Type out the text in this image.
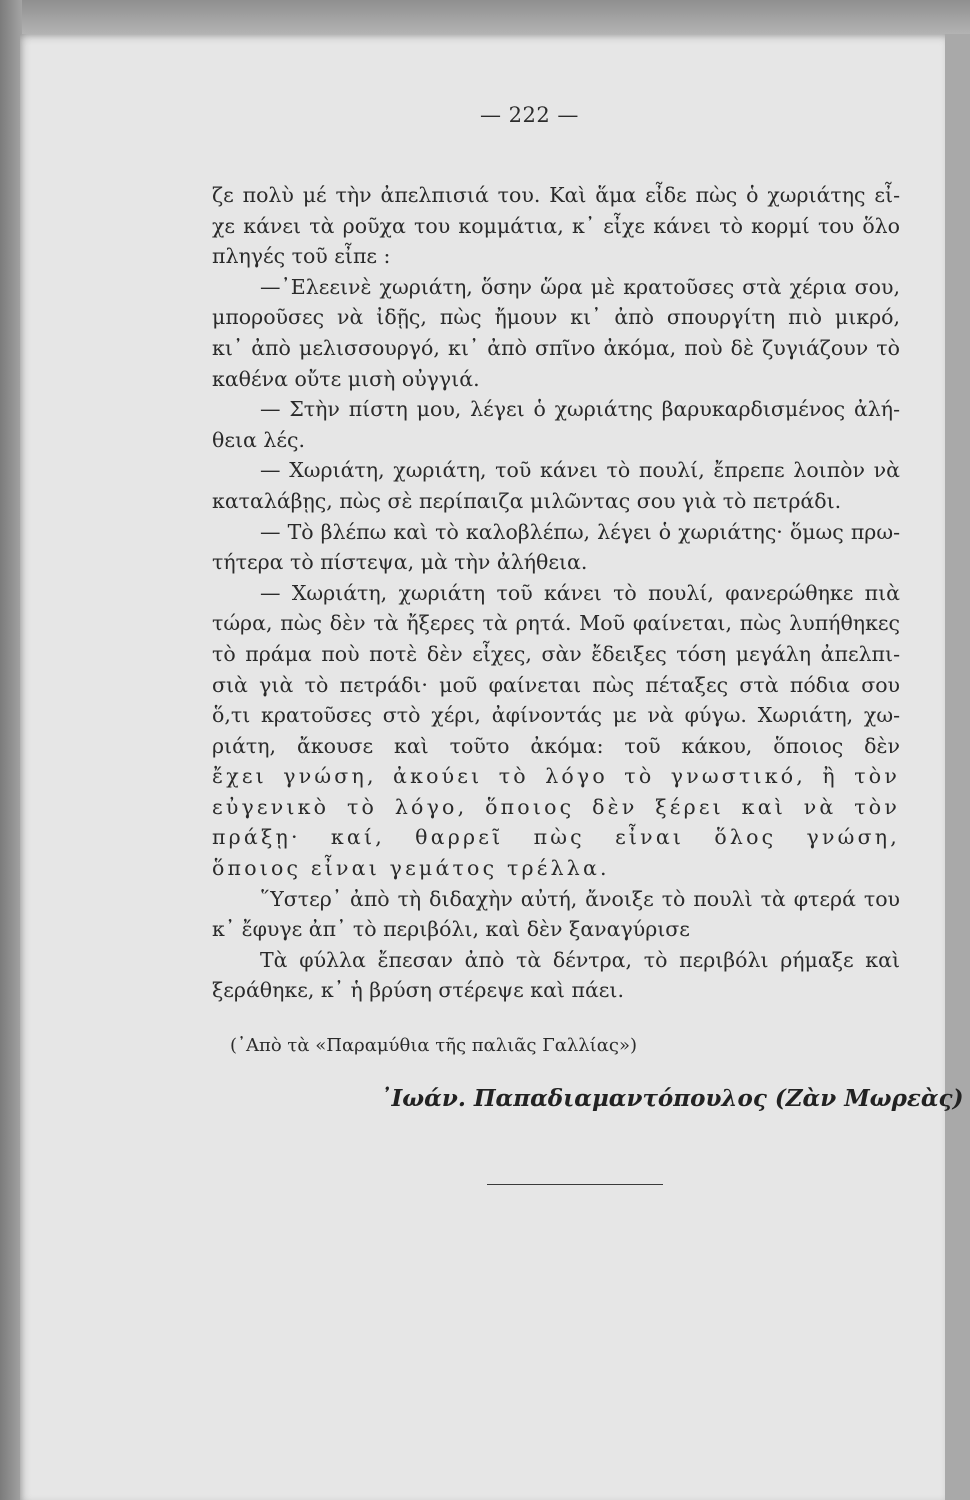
— 222 —
ζε πολὺ μέ τὴν ἀπελπισιά του. Καὶ ἅμα εἶδε πὼς ὁ χωριάτης εἶ-
χε κάνει τὰ ροῦχα του κομμάτια, κ᾿ εἶχε κάνει τὸ κορμί του ὅλο
πληγές τοῦ εἶπε :
—᾿Ελεεινὲ χωριάτη, ὅσην ὥρα μὲ κρατοῦσες στὰ χέρια σου,
μποροῦσες νὰ ἰδῇς, πὼς ἤμουν κι᾿ ἀπὸ σπουργίτη πιὸ μικρό,
κι᾿ ἀπὸ μελισσουργό, κι᾿ ἀπὸ σπῖνο ἀκόμα, ποὺ δὲ ζυγιάζουν τὸ
καθένα οὔτε μισὴ οὐγγιά.
— Στὴν πίστη μου, λέγει ὁ χωριάτης βαρυκαρδισμένος ἀλή-
θεια λές.
— Χωριάτη, χωριάτη, τοῦ κάνει τὸ πουλί, ἔπρεπε λοιπὸν νὰ
καταλάβῃς, πὼς σὲ περίπαιζα μιλῶντας σου γιὰ τὸ πετράδι.
— Τὸ βλέπω καὶ τὸ καλοβλέπω, λέγει ὁ χωριάτης· ὅμως πρω-
τήτερα τὸ πίστεψα, μὰ τὴν ἀλήθεια.
— Χωριάτη, χωριάτη τοῦ κάνει τὸ πουλί, φανερώθηκε πιὰ
τώρα, πὼς δὲν τὰ ἤξερες τὰ ρητά. Μοῦ φαίνεται, πὼς λυπήθηκες
τὸ πράμα ποὺ ποτὲ δὲν εἶχες, σὰν ἔδειξες τόση μεγάλη ἀπελπι-
σιὰ γιὰ τὸ πετράδι· μοῦ φαίνεται πὼς πέταξες στὰ πόδια σου
ὅ,τι κρατοῦσες στὸ χέρι, ἀφίνοντάς με νὰ φύγω. Χωριάτη, χω-
ριάτη, ἄκουσε καὶ τοῦτο ἀκόμα: τοῦ κάκου, ὅποιος δὲν
ἔχει γνώση, ἀκούει τὸ λόγο τὸ γνωστικό, ἢ τὸν
εὐγενικὸ τὸ λόγο, ὅποιος δὲν ξέρει καὶ νὰ τὸν
πράξῃ· καί, θαρρεῖ πὼς εἶναι ὅλος γνώση,
ὅποιος εἶναι γεμάτος τρέλλα.
῞Υστερ᾿ ἀπὸ τὴ διδαχὴν αὐτή, ἄνοιξε τὸ πουλὶ τὰ φτερά του
κ᾿ ἔφυγε ἀπ᾿ τὸ περιβόλι, καὶ δὲν ξαναγύρισε
Τὰ φύλλα ἔπεσαν ἀπὸ τὰ δέντρα, τὸ περιβόλι ρήμαξε καὶ
ξεράθηκε, κ᾿ ἡ βρύση στέρεψε καὶ πάει.
(᾿Απὸ τὰ «Παραμύθια τῆς παλιᾶς Γαλλίας»)
᾿Ιωάν. Παπαδιαμαντόπουλος (Ζὰν Μωρεὰς)
